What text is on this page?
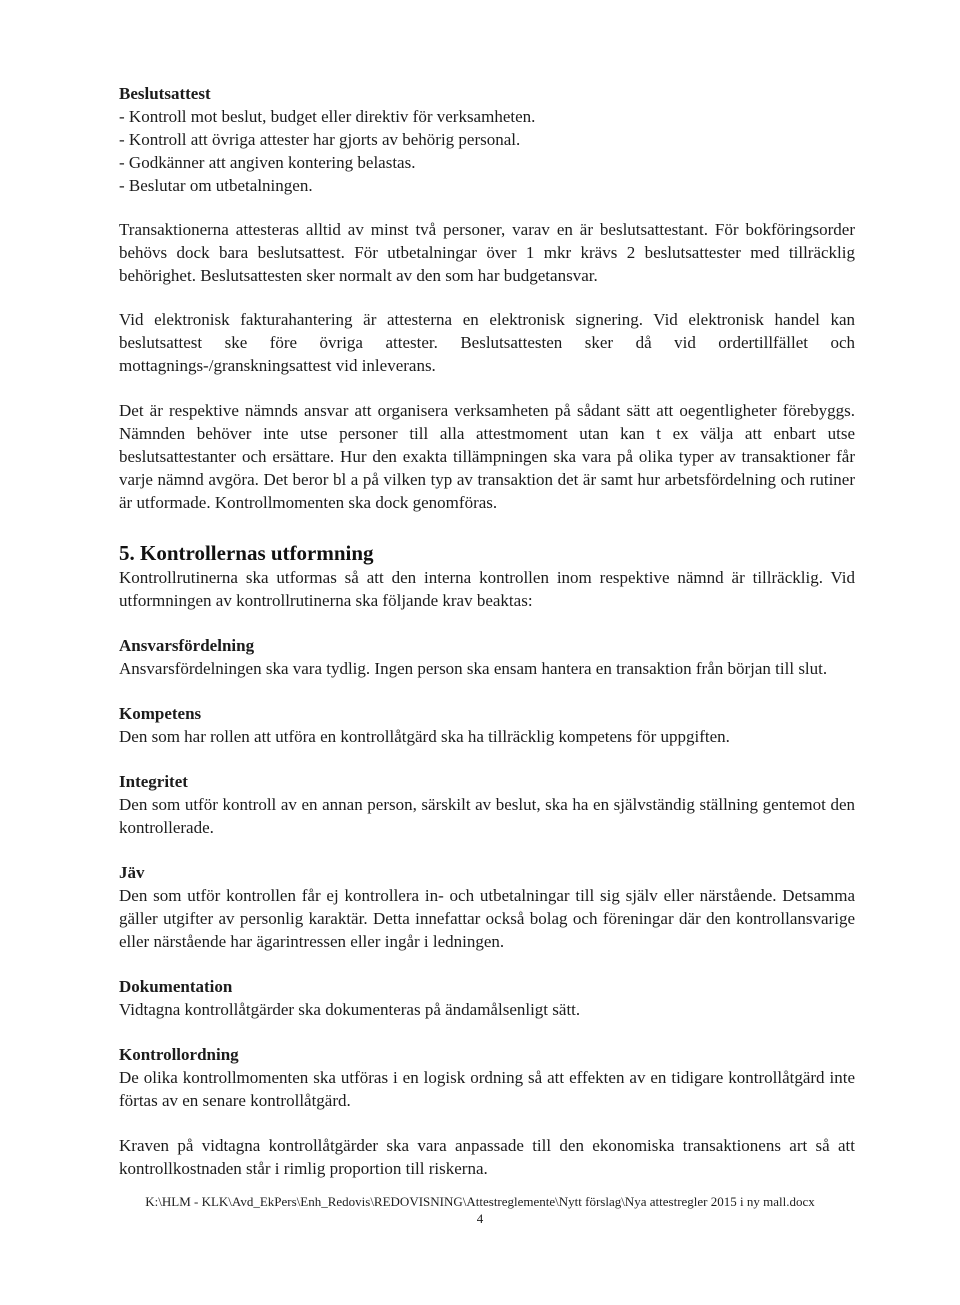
Beslutsattest

- Kontroll mot beslut, budget eller direktiv för verksamheten.

- Kontroll att övriga attester har gjorts av behörig personal.

- Godkänner att angiven kontering belastas.

- Beslutar om utbetalningen.

Transaktionerna attesteras alltid av minst två personer, varav en är beslutsattestant. För bokföringsorder behövs dock bara beslutsattest. För utbetalningar över 1 mkr krävs 2 beslutsattester med tillräcklig behörighet. Beslutsattesten sker normalt av den som har budgetansvar.

Vid elektronisk fakturahantering är attesterna en elektronisk signering. Vid elektronisk handel kan beslutsattest ske före övriga attester. Beslutsattesten sker då vid ordertillfället och mottagnings-/granskningsattest vid inleverans.

Det är respektive nämnds ansvar att organisera verksamheten på sådant sätt att oegentligheter förebyggs. Nämnden behöver inte utse personer till alla attestmoment utan kan t ex välja att enbart utse beslutsattestanter och ersättare. Hur den exakta tillämpningen ska vara på olika typer av transaktioner får varje nämnd avgöra. Det beror bl a på vilken typ av transaktion det är samt hur arbetsfördelning och rutiner är utformade. Kontrollmomenten ska dock genomföras.

5. Kontrollernas utformning

Kontrollrutinerna ska utformas så att den interna kontrollen inom respektive nämnd är tillräcklig. Vid utformningen av kontrollrutinerna ska följande krav beaktas:

Ansvarsfördelning

Ansvarsfördelningen ska vara tydlig. Ingen person ska ensam hantera en transaktion från början till slut.

Kompetens

Den som har rollen att utföra en kontrollåtgärd ska ha tillräcklig kompetens för uppgiften.

Integritet

Den som utför kontroll av en annan person, särskilt av beslut, ska ha en självständig ställning gentemot den kontrollerade.

Jäv

Den som utför kontrollen får ej kontrollera in- och utbetalningar till sig själv eller närstående. Detsamma gäller utgifter av personlig karaktär. Detta innefattar också bolag och föreningar där den kontrollansvarige eller närstående har ägarintressen eller ingår i ledningen.

Dokumentation

Vidtagna kontrollåtgärder ska dokumenteras på ändamålsenligt sätt.

Kontrollordning

De olika kontrollmomenten ska utföras i en logisk ordning så att effekten av en tidigare kontrollåtgärd inte förtas av en senare kontrollåtgärd.

Kraven på vidtagna kontrollåtgärder ska vara anpassade till den ekonomiska transaktionens art så att kontrollkostnaden står i rimlig proportion till riskerna.

K:\HLM - KLK\Avd_EkPers\Enh_Redovis\REDOVISNING\Attestreglemente\Nytt förslag\Nya attestregler 2015 i ny mall.docx
4
